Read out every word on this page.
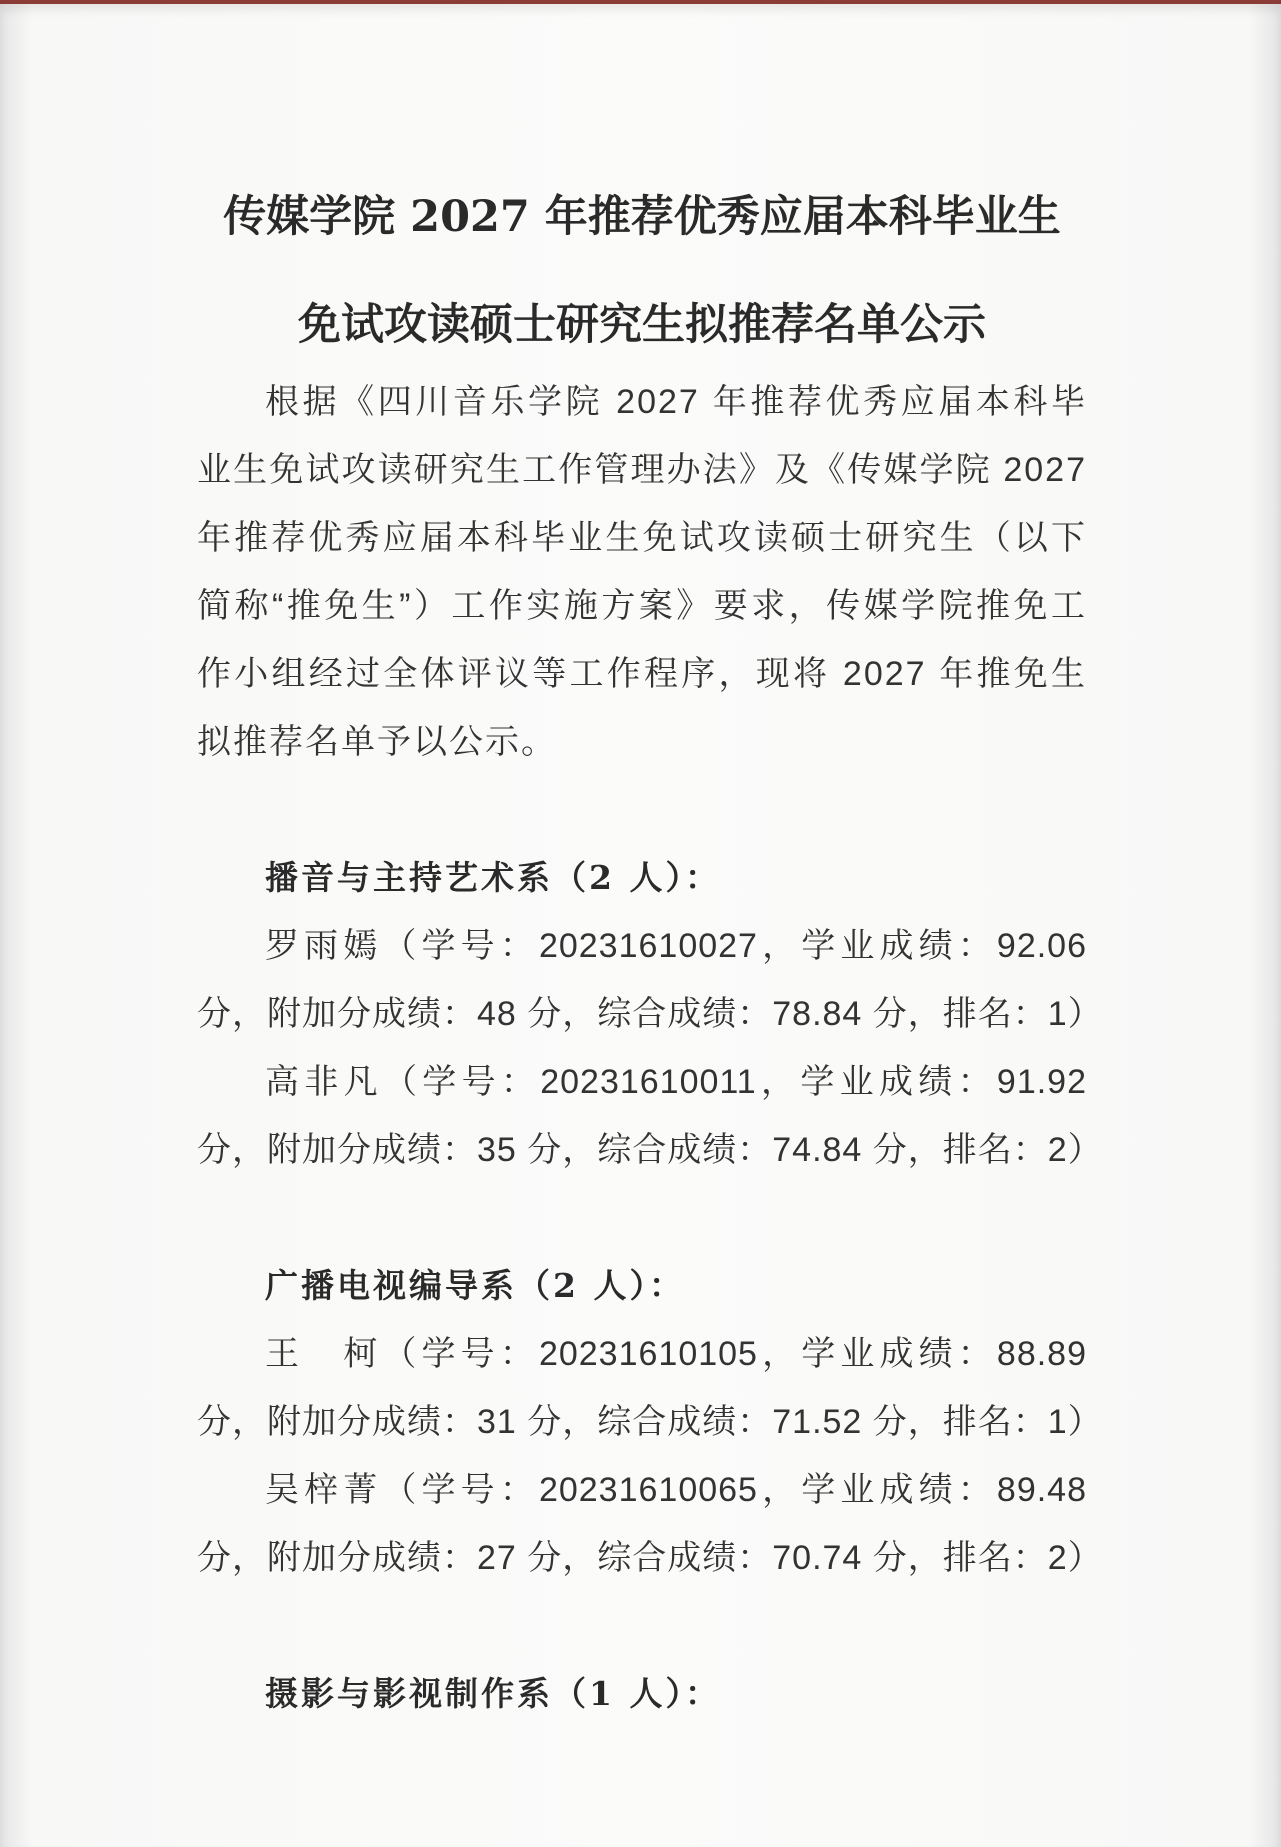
传媒学院 2027 年推荐优秀应届本科毕业生
免试攻读硕士研究生拟推荐名单公示

根据《四川音乐学院 2027 年推荐优秀应届本科毕业生免试攻读研究生工作管理办法》及《传媒学院 2027 年推荐优秀应届本科毕业生免试攻读硕士研究生（以下简称“推免生”）工作实施方案》要求，传媒学院推免工作小组经过全体评议等工作程序，现将 2027 年推免生拟推荐名单予以公示。

播音与主持艺术系（2 人）：

罗雨嫣（学号：20231610027，学业成绩：92.06 分，附加分成绩：48 分，综合成绩：78.84 分，排名：1）

高非凡（学号：20231610011，学业成绩：91.92 分，附加分成绩：35 分，综合成绩：74.84 分，排名：2）

广播电视编导系（2 人）：

王　柯（学号：20231610105，学业成绩：88.89 分，附加分成绩：31 分，综合成绩：71.52 分，排名：1）

吴梓菁（学号：20231610065，学业成绩：89.48 分，附加分成绩：27 分，综合成绩：70.74 分，排名：2）

摄影与影视制作系（1 人）：
